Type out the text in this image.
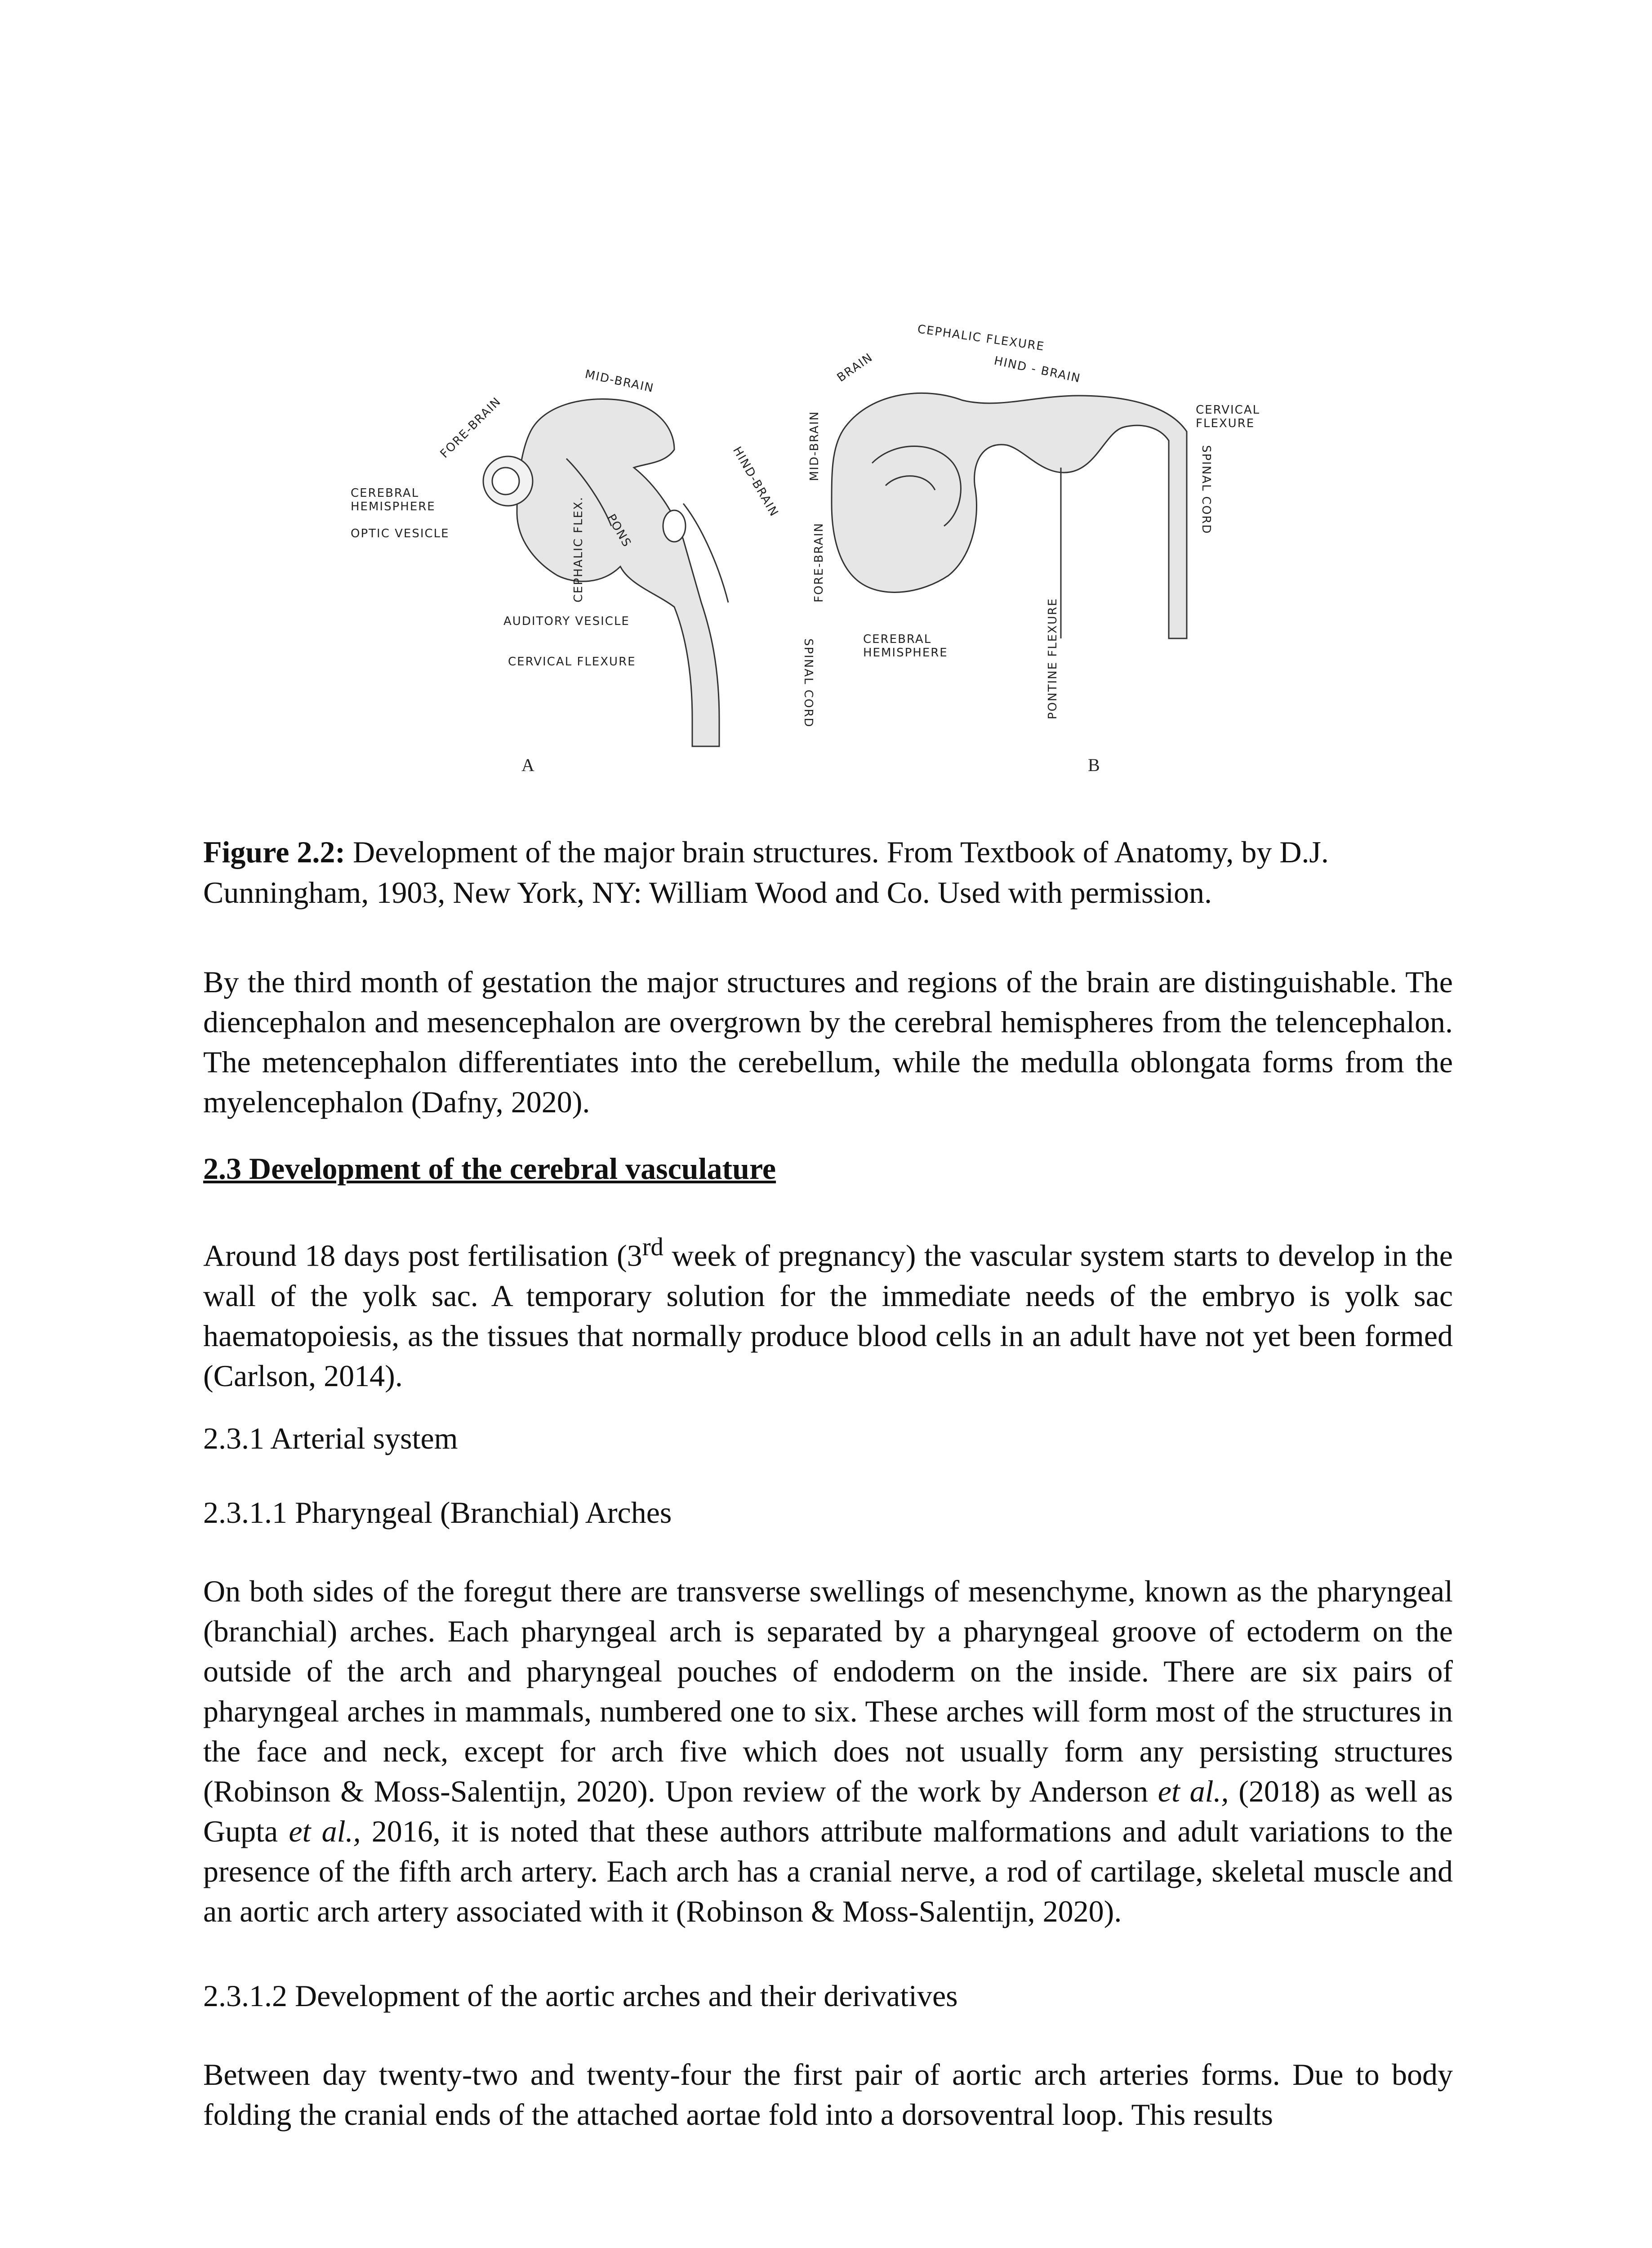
MID-BRAIN
FORE-BRAIN
CEREBRAL
HEMISPHERE
OPTIC VESICLE	CEPHALIC FLEX. PONS
HIND-BRAIN
AUDITORY VESICLE
CERVICAL FLEXURE	SPINAL CORD
A
CEPHALIC FLEXURE
BRAIN	HIND - BRAIN
CERVICAL
FLEXURE
SPINAL CORD
MID-BRAIN
FORE-BRAIN
CEREBRAL
HEMISPHERE	PONTINE FLEXURE
B
Figure 2.2: Development of the major brain structures. From Textbook of Anatomy, by D.J. Cunningham, 1903, New York, NY: William Wood and Co. Used with permission.

By the third month of gestation the major structures and regions of the brain are distinguishable. The diencephalon and mesencephalon are overgrown by the cerebral hemispheres from the telencephalon. The metencephalon differentiates into the cerebellum, while the medulla oblongata forms from the myelencephalon (Dafny, 2020).

2.3 Development of the cerebral vasculature

Around 18 days post fertilisation (3rd week of pregnancy) the vascular system starts to develop in the wall of the yolk sac. A temporary solution for the immediate needs of the embryo is yolk sac haematopoiesis, as the tissues that normally produce blood cells in an adult have not yet been formed (Carlson, 2014).

2.3.1 Arterial system

2.3.1.1 Pharyngeal (Branchial) Arches

On both sides of the foregut there are transverse swellings of mesenchyme, known as the pharyngeal (branchial) arches. Each pharyngeal arch is separated by a pharyngeal groove of ectoderm on the outside of the arch and pharyngeal pouches of endoderm on the inside. There are six pairs of pharyngeal arches in mammals, numbered one to six. These arches will form most of the structures in the face and neck, except for arch five which does not usually form any persisting structures (Robinson & Moss-Salentijn, 2020). Upon review of the work by Anderson et al., (2018) as well as Gupta et al., 2016, it is noted that these authors attribute malformations and adult variations to the presence of the fifth arch artery. Each arch has a cranial nerve, a rod of cartilage, skeletal muscle and an aortic arch artery associated with it (Robinson & Moss-Salentijn, 2020).

2.3.1.2 Development of the aortic arches and their derivatives

Between day twenty-two and twenty-four the first pair of aortic arch arteries forms. Due to body folding the cranial ends of the attached aortae fold into a dorsoventral loop. This results
